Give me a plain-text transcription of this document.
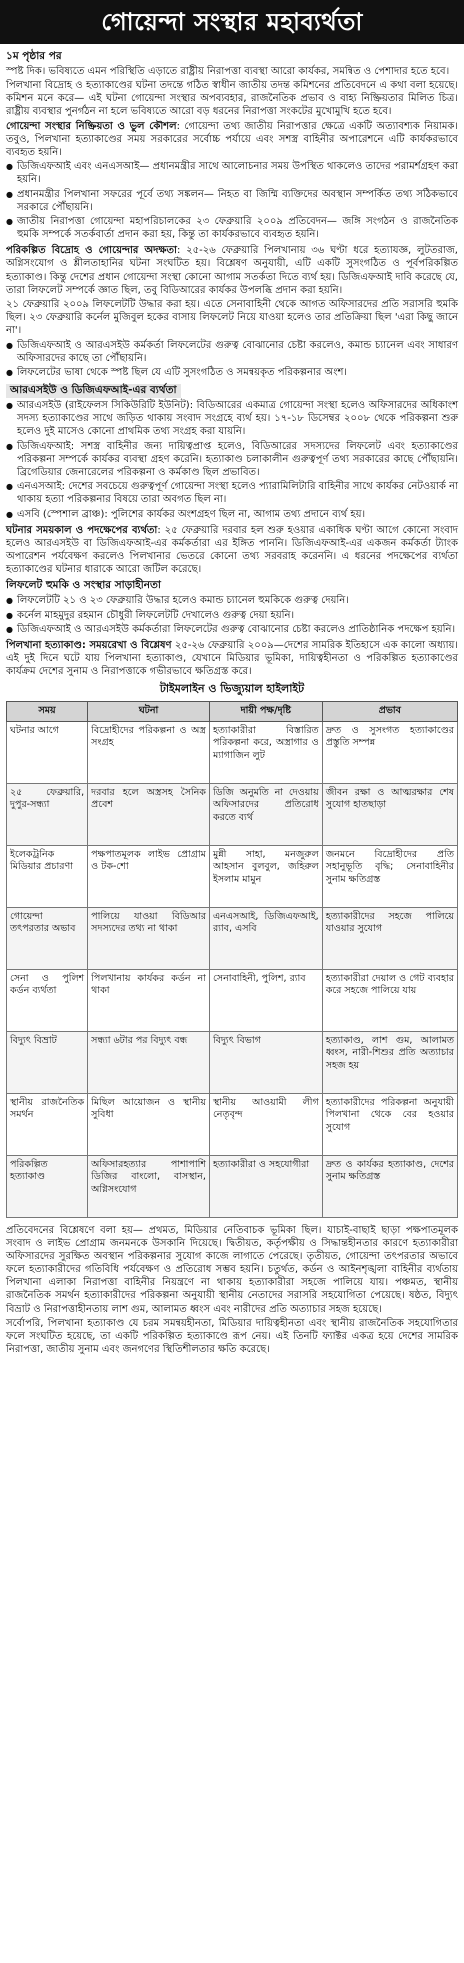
গোয়েন্দা সংস্থার মহাব্যর্থতা
১ম পৃষ্ঠার পর

স্পষ্ট দিক। ভবিষ্যতে এমন পরিস্থিতি এড়াতে রাষ্ট্রীয় নিরাপত্তা ব্যবস্থা আরো কার্যকর, সমন্বিত ও পেশাদার হতে হবে।

পিলখানা বিদ্রোহ ও হত্যাকাণ্ডের ঘটনা তদন্তে গঠিত স্বাধীন জাতীয় তদন্ত কমিশনের প্রতিবেদনে এ কথা বলা হয়েছে। কমিশন মনে করে— এই ঘটনা গোয়েন্দা সংস্থার অপব্যবহার, রাজনৈতিক প্রভাব ও বাহ্য নিষ্ক্রিয়তার মিলিত চিত্র। রাষ্ট্রীয় ব্যবস্থার পুনর্গঠন না হলে ভবিষ্যতে আরো বড় ধরনের নিরাপত্তা সংকটের মুখোমুখি হতে হবে।

গোয়েন্দা সংস্থার নিষ্ক্রিয়তা ও ভুল কৌশল: গোয়েন্দা তথ্য জাতীয় নিরাপত্তার ক্ষেত্রে একটি অত্যাবশ্যক নিয়ামক। তবুও, পিলখানা হত্যাকাণ্ডের সময় সরকারের সর্বোচ্চ পর্যায়ে এবং সশস্ত্র বাহিনীর অপারেশনে এটি কার্যকরভাবে ব্যবহৃত হয়নি।

● ডিজিএফআই এবং এনএসআই— প্রধানমন্ত্রীর সাথে আলোচনার সময় উপস্থিত থাকলেও তাদের পরামর্শগ্রহণ করা হয়নি।
● প্রধানমন্ত্রীর পিলখানা সফরের পূর্বে তথ্য সঙ্কলন— নিহত বা জিম্মি ব্যক্তিদের অবস্থান সম্পর্কিত তথ্য সঠিকভাবে সরকারে পৌঁছায়নি।
● জাতীয় নিরাপত্তা গোয়েন্দা মহাপরিচালকের ২৩ ফেব্রুয়ারি ২০০৯ প্রতিবেদন— জঙ্গি সংগঠন ও রাজনৈতিক হুমকি সম্পর্কে সতর্কবার্তা প্রদান করা হয়, কিন্তু তা কার্যকরভাবে ব্যবহৃত হয়নি।

পরিকল্পিত বিদ্রোহ ও গোয়েন্দার অদক্ষতা: ২৫-২৬ ফেব্রুয়ারি পিলখানায় ৩৬ ঘণ্টা ধরে হত্যাযজ্ঞ, লুটতরাজ, অগ্নিসংযোগ ও শ্লীলতাহানির ঘটনা সংঘটিত হয়। বিশ্লেষণ অনুযায়ী, এটি একটি সুসংগঠিত ও পূর্বপরিকল্পিত হত্যাকাণ্ড। কিন্তু দেশের প্রধান গোয়েন্দা সংস্থা কোনো আগাম সতর্কতা দিতে ব্যর্থ হয়। ডিজিএফআই দাবি করেছে যে, তারা লিফলেট সম্পর্কে জ্ঞাত ছিল, তবু বিডিআরের কার্যকর উপলব্ধি প্রদান করা হয়নি।

২১ ফেব্রুয়ারি ২০০৯ লিফলেটটি উদ্ধার করা হয়। এতে সেনাবাহিনী থেকে আগত অফিসারদের প্রতি সরাসরি হুমকি ছিল। ২৩ ফেব্রুয়ারি কর্নেল মুজিবুল হকের বাসায় লিফলেট নিয়ে যাওয়া হলেও তার প্রতিক্রিয়া ছিল 'এরা কিছু জানে না'।

● ডিজিএফআই ও আরএসইউ কর্মকর্তা লিফলেটের গুরুত্ব বোঝানোর চেষ্টা করলেও, কমান্ড চ্যানেল এবং সাধারণ অফিসারদের কাছে তা পৌঁছায়নি।
● লিফলেটের ভাষা থেকে স্পষ্ট ছিল যে এটি সুসংগঠিত ও সমন্বয়কৃত পরিকল্পনার অংশ।
আরএসইউ ও ডিজিএফআই-এর ব্যর্থতা
● আরএসইউ (রাইফেলস সিকিউরিটি ইউনিট): বিডিআরের একমাত্র গোয়েন্দা সংস্থা হলেও অফিসারদের অধিকাংশ সদস্য হত্যাকাণ্ডের সাথে জড়িত থাকায় সংবাদ সংগ্রহে ব্যর্থ হয়। ১৭-১৮ ডিসেম্বর ২০০৮ থেকে পরিকল্পনা শুরু হলেও দুই মাসেও কোনো প্রাথমিক তথ্য সংগ্রহ করা যায়নি।
● ডিজিএফআই: সশস্ত্র বাহিনীর জন্য দায়িত্বপ্রাপ্ত হলেও, বিডিআরের সদস্যদের লিফলেট এবং হত্যাকাণ্ডের পরিকল্পনা সম্পর্কে কার্যকর ব্যবস্থা গ্রহণ করেনি। হত্যাকাণ্ড চলাকালীন গুরুত্বপূর্ণ তথ্য সরকারের কাছে পৌঁছায়নি। ব্রিগেডিয়ার জেনারেলের পরিকল্পনা ও কর্মকাণ্ড ছিল প্রভাবিত।
● এনএসআই: দেশের সবচেয়ে গুরুত্বপূর্ণ গোয়েন্দা সংস্থা হলেও প্যারামিলিটারি বাহিনীর সাথে কার্যকর নেটওয়ার্ক না থাকায় হত্যা পরিকল্পনার বিষয়ে তারা অবগত ছিল না।
● এসবি (স্পেশাল ব্রাঞ্চ): পুলিশের কার্যকর অংশগ্রহণ ছিল না, আগাম তথ্য প্রদানে ব্যর্থ হয়।

ঘটনার সময়কাল ও পদক্ষেপের ব্যর্থতা: ২৫ ফেব্রুয়ারি দরবার হল শুরু হওয়ার একাধিক ঘণ্টা আগে কোনো সংবাদ হলেও আরএসইউ বা ডিজিএফআই-এর কর্মকর্তারা এর ইঙ্গিত পাননি। ডিজিএফআই-এর একজন কর্মকর্তা ট্যাংক অপারেশন পর্যবেক্ষণ করলেও পিলখানার ভেতরে কোনো তথ্য সরবরাহ করেননি। এ ধরনের পদক্ষেপের ব্যর্থতা হত্যাকাণ্ডের ঘটনার ধারাকে আরো জটিল করেছে।

লিফলেট হুমকি ও সংস্থার সাড়াহীনতা
● লিফলেটটি ২১ ও ২৩ ফেব্রুয়ারি উদ্ধার হলেও কমান্ড চ্যানেল হুমকিকে গুরুত্ব দেয়নি।
● কর্নেল মাহমুদুর রহমান চৌধুরী লিফলেটটি দেখালেও গুরুত্ব দেয়া হয়নি।
● ডিজিএফআই ও আরএসইউ কর্মকর্তারা লিফলেটের গুরুত্ব বোঝানোর চেষ্টা করলেও প্রাতিষ্ঠানিক পদক্ষেপ হয়নি।

পিলখানা হত্যাকাণ্ড: সময়রেখা ও বিশ্লেষণ ২৫-২৬ ফেব্রুয়ারি ২০০৯—দেশের সামরিক ইতিহাসে এক কালো অধ্যায়। এই দুই দিনে ঘটে যায় পিলখানা হত্যাকাণ্ড, যেখানে মিডিয়ার ভূমিকা, দায়িত্বহীনতা ও পরিকল্পিত হত্যাকাণ্ডের কার্যক্রম দেশের সুনাম ও নিরাপত্তাকে গভীরভাবে ক্ষতিগ্রস্ত করে।

টাইমলাইন ও ভিজ্যুয়াল হাইলাইট
সময়	ঘটনা	দায়ী পক্ষ/দৃষ্টি	প্রভাব
ঘটনার আগে	বিদ্রোহীদের পরিকল্পনা ও অস্ত্র সংগ্রহ	হত্যাকারীরা বিস্তারিত পরিকল্পনা করে, অস্ত্রাগার ও ম্যাগাজিন লুট	দ্রুত ও সুসংগত হত্যাকাণ্ডের প্রস্তুতি সম্পন্ন
২৫ ফেব্রুয়ারি, দুপুর-সন্ধ্যা	দরবার হলে অস্ত্রসহ সৈনিক প্রবেশ	ডিজি অনুমতি না দেওয়ায় অফিসারদের প্রতিরোধ করতে ব্যর্থ	জীবন রক্ষা ও আত্মরক্ষার শেষ সুযোগ হাতছাড়া
ইলেকট্রনিক মিডিয়ার প্রচারণা	পক্ষপাতমূলক লাইভ প্রোগ্রাম ও টক-শো	মুন্নী সাহা, মনজুরুল আহসান বুলবুল, জহিরুল ইসলাম মামুন	জনমনে বিদ্রোহীদের প্রতি সহানুভূতি বৃদ্ধি; সেনাবাহিনীর সুনাম ক্ষতিগ্রস্ত
গোয়েন্দা তৎপরতার অভাব	পালিয়ে যাওয়া বিডিআর সদস্যদের তথ্য না থাকা	এনএসআই, ডিজিএফআই, র‍্যাব, এসবি	হত্যাকারীদের সহজে পালিয়ে যাওয়ার সুযোগ
সেনা ও পুলিশ কর্ডন ব্যর্থতা	পিলখানায় কার্যকর কর্ডন না থাকা	সেনাবাহিনী, পুলিশ, র‍্যাব	হত্যাকারীরা দেয়াল ও গেট ব্যবহার করে সহজে পালিয়ে যায়
বিদ্যুৎ বিভ্রাট	সন্ধ্যা ৬টার পর বিদ্যুৎ বন্ধ	বিদ্যুৎ বিভাগ	হত্যাকাণ্ড, লাশ গুম, আলামত ধ্বংস, নারী-শিশুর প্রতি অত্যাচার সহজ হয়
স্থানীয় রাজনৈতিক সমর্থন	মিছিল আয়োজন ও স্থানীয় সুবিধা	স্থানীয় আওয়ামী লীগ নেতৃবৃন্দ	হত্যাকারীদের পরিকল্পনা অনুযায়ী পিলখানা থেকে বের হওয়ার সুযোগ
পরিকল্পিত হত্যাকাণ্ড	অফিসারহত্যার পাশাপাশি ডিজির বাংলো, বাসস্থান, অগ্নিসংযোগ	হত্যাকারীরা ও সহযোগীরা	দ্রুত ও কার্যকর হত্যাকাণ্ড, দেশের সুনাম ক্ষতিগ্রস্ত

প্রতিবেদনের বিশ্লেষণে বলা হয়— প্রথমত, মিডিয়ার নেতিবাচক ভূমিকা ছিল। যাচাই-বাছাই ছাড়া পক্ষপাতমূলক সংবাদ ও লাইভ প্রোগ্রাম জনমনকে উসকানি দিয়েছে। দ্বিতীয়ত, কর্তৃপক্ষীয় ও সিদ্ধান্তহীনতার কারণে হত্যাকারীরা অফিসারদের সুরক্ষিত অবস্থান পরিকল্পনার সুযোগ কাজে লাগাতে পেরেছে। তৃতীয়ত, গোয়েন্দা তৎপরতার অভাবে ফলে হত্যাকারীদের গতিবিধি পর্যবেক্ষণ ও প্রতিরোধ সম্ভব হয়নি। চতুর্থত, কর্ডন ও আইনশৃঙ্খলা বাহিনীর ব্যর্থতায় পিলখানা এলাকা নিরাপত্তা বাহিনীর নিয়ন্ত্রণে না থাকায় হত্যাকারীরা সহজে পালিয়ে যায়। পঞ্চমত, স্থানীয় রাজনৈতিক সমর্থন হত্যাকারীদের পরিকল্পনা অনুযায়ী স্থানীয় নেতাদের সরাসরি সহযোগিতা পেয়েছে। ষষ্ঠত, বিদ্যুৎ বিভ্রাট ও নিরাপত্তাহীনতায় লাশ গুম, আলামত ধ্বংস এবং নারীদের প্রতি অত্যাচার সহজ হয়েছে।

সর্বোপরি, পিলখানা হত্যাকাণ্ড যে চরম সমন্বয়হীনতা, মিডিয়ার দায়িত্বহীনতা এবং স্থানীয় রাজনৈতিক সহযোগিতার ফলে সংঘটিত হয়েছে, তা একটি পরিকল্পিত হত্যাকাণ্ডে রূপ নেয়। এই তিনটি ফ্যাক্টর একত্র হয়ে দেশের সামরিক নিরাপত্তা, জাতীয় সুনাম এবং জনগণের স্থিতিশীলতার ক্ষতি করেছে।
